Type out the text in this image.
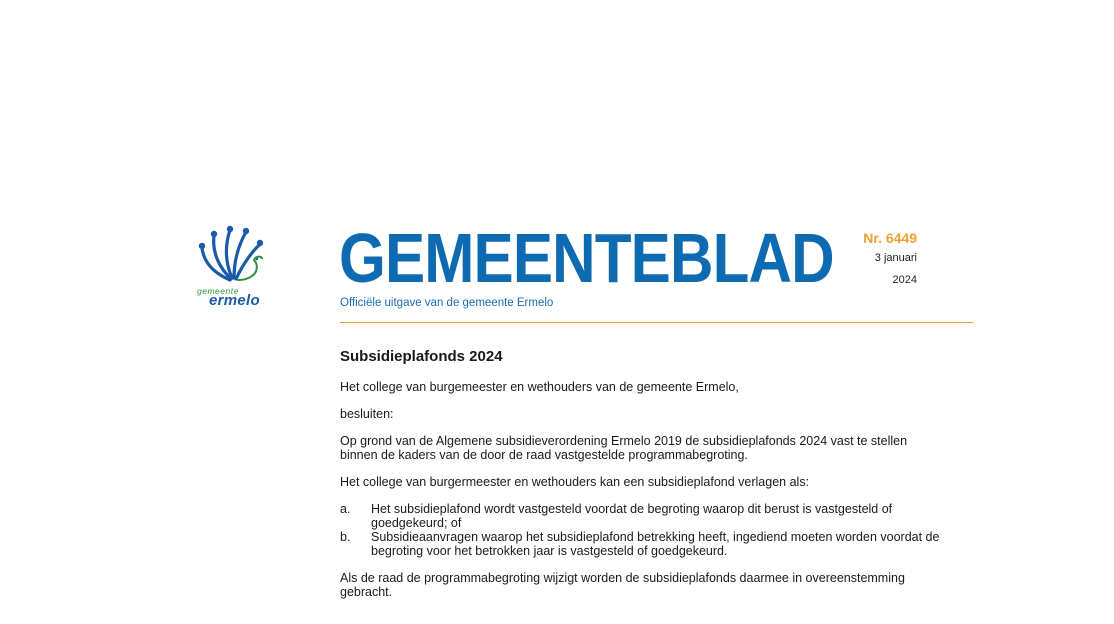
gemeente
ermelo
GEMEENTEBLAD
Officiële uitgave van de gemeente Ermelo
Nr. 6449
3 januari
2024
Subsidieplafonds 2024

Het college van burgemeester en wethouders van de gemeente Ermelo,

besluiten:

Op grond van de Algemene subsidieverordening Ermelo 2019 de subsidieplafonds 2024 vast te stellen binnen de kaders van de door de raad vastgestelde programmabegroting.

Het college van burgermeester en wethouders kan een subsidieplafond verlagen als:

a.	Het subsidieplafond wordt vastgesteld voordat de begroting waarop dit berust is vastgesteld of goedgekeurd; of
b.	Subsidieaanvragen waarop het subsidieplafond betrekking heeft, ingediend moeten worden voordat de begroting voor het betrokken jaar is vastgesteld of goedgekeurd.

Als de raad de programmabegroting wijzigt worden de subsidieplafonds daarmee in overeenstemming gebracht.
